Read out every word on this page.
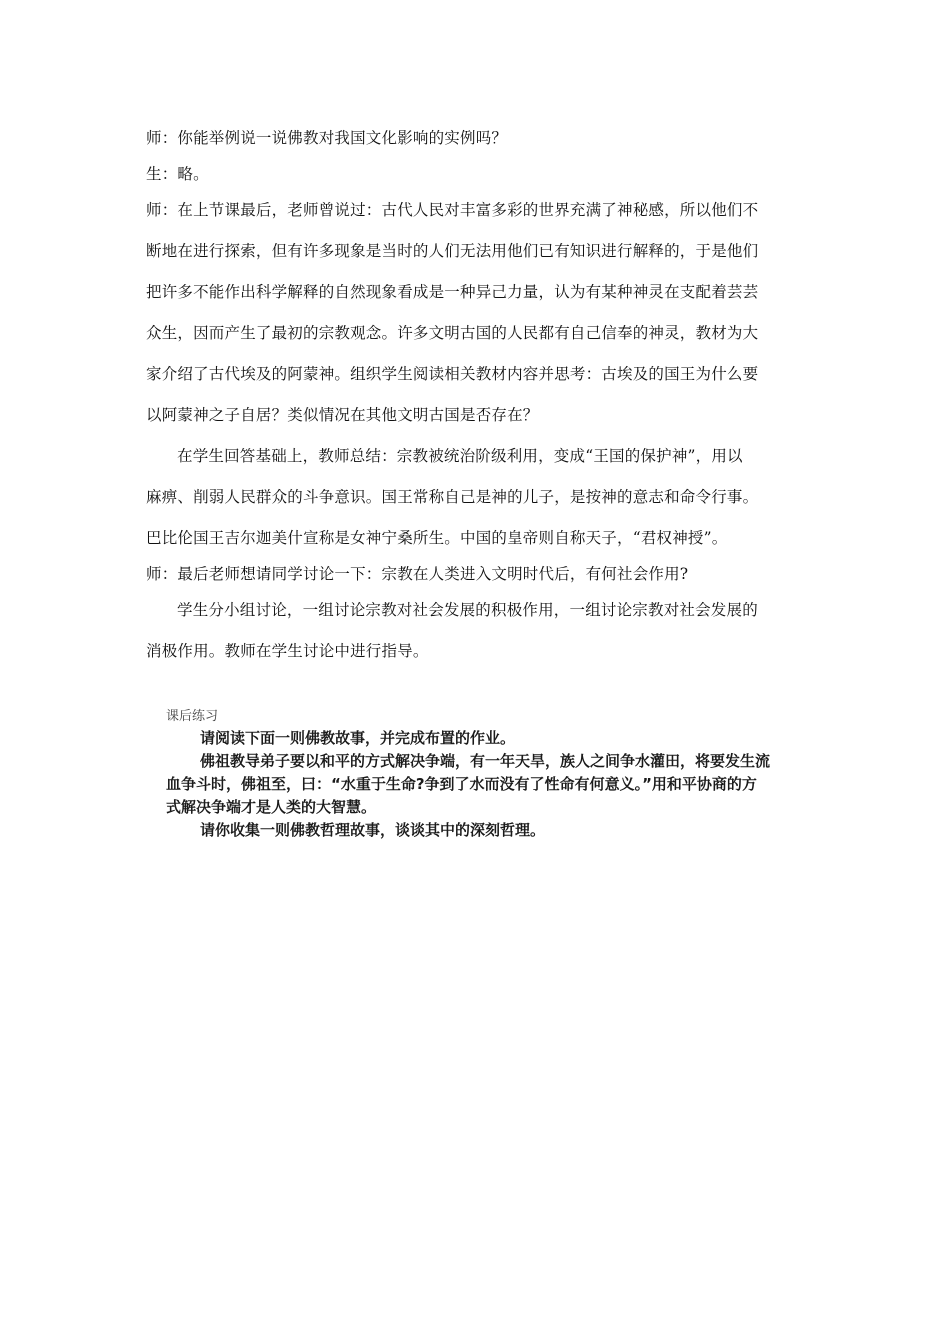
师：你能举例说一说佛教对我国文化影响的实例吗？
生：略。
师：在上节课最后，老师曾说过：古代人民对丰富多彩的世界充满了神秘感，所以他们不
断地在进行探索，但有许多现象是当时的人们无法用他们已有知识进行解释的，于是他们
把许多不能作出科学解释的自然现象看成是一种异己力量，认为有某种神灵在支配着芸芸
众生，因而产生了最初的宗教观念。许多文明古国的人民都有自己信奉的神灵，教材为大
家介绍了古代埃及的阿蒙神。组织学生阅读相关教材内容并思考：古埃及的国王为什么要
以阿蒙神之子自居？类似情况在其他文明古国是否存在？
在学生回答基础上，教师总结：宗教被统治阶级利用，变成“王国的保护神”，用以
麻痹、削弱人民群众的斗争意识。国王常称自己是神的儿子，是按神的意志和命令行事。
巴比伦国王吉尔迦美什宣称是女神宁桑所生。中国的皇帝则自称天子，“君权神授”。
师：最后老师想请同学讨论一下：宗教在人类进入文明时代后，有何社会作用?
学生分小组讨论，一组讨论宗教对社会发展的积极作用，一组讨论宗教对社会发展的
消极作用。教师在学生讨论中进行指导。
课后练习
请阅读下面一则佛教故事，并完成布置的作业。
佛祖教导弟子要以和平的方式解决争端，有一年天旱，族人之间争水灌田，将要发生流
血争斗时，佛祖至，曰：“水重于生命?争到了水而没有了性命有何意义。”用和平协商的方
式解决争端才是人类的大智慧。
请你收集一则佛教哲理故事，谈谈其中的深刻哲理。
